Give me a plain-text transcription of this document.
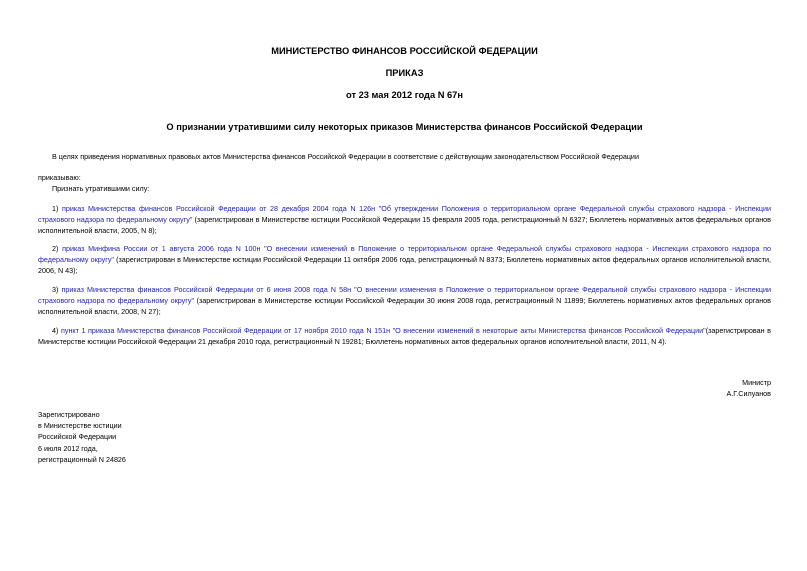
МИНИСТЕРСТВО ФИНАНСОВ РОССИЙСКОЙ ФЕДЕРАЦИИ
ПРИКАЗ
от 23 мая 2012 года N 67н
О признании утратившими силу некоторых приказов Министерства финансов Российской Федерации
В целях приведения нормативных правовых актов Министерства финансов Российской Федерации в соответствие с действующим законодательством Российской Федерации
приказываю:
Признать утратившими силу:
1) приказ Министерства финансов Российской Федерации от 28 декабря 2004 года N 126н "Об утверждении Положения о территориальном органе Федеральной службы страхового надзора - Инспекции страхового надзора по федеральному округу" (зарегистрирован в Министерстве юстиции Российской Федерации 15 февраля 2005 года, регистрационный N 6327; Бюллетень нормативных актов федеральных органов исполнительной власти, 2005, N 8);
2) приказ Минфина России от 1 августа 2006 года N 100н "О внесении изменений в Положение о территориальном органе Федеральной службы страхового надзора - Инспекции страхового надзора по федеральному округу" (зарегистрирован в Министерстве юстиции Российской Федерации 11 октября 2006 года, регистрационный N 8373; Бюллетень нормативных актов федеральных органов исполнительной власти, 2006, N 43);
3) приказ Министерства финансов Российской Федерации от 6 июня 2008 года N 58н "О внесении изменения в Положение о территориальном органе Федеральной службы страхового надзора - Инспекции страхового надзора по федеральному округу" (зарегистрирован в Министерстве юстиции Российской Федерации 30 июня 2008 года, регистрационный N 11899; Бюллетень нормативных актов федеральных органов исполнительной власти, 2008, N 27);
4) пункт 1 приказа Министерства финансов Российской Федерации от 17 ноября 2010 года N 151н "О внесении изменений в некоторые акты Министерства финансов Российской Федерации"(зарегистрирован в Министерстве юстиции Российской Федерации 21 декабря 2010 года, регистрационный N 19281; Бюллетень нормативных актов федеральных органов исполнительной власти, 2011, N 4).
Министр
А.Г.Силуанов
Зарегистрировано
в Министерстве юстиции
Российской Федерации
6 июля 2012 года,
регистрационный N 24826
